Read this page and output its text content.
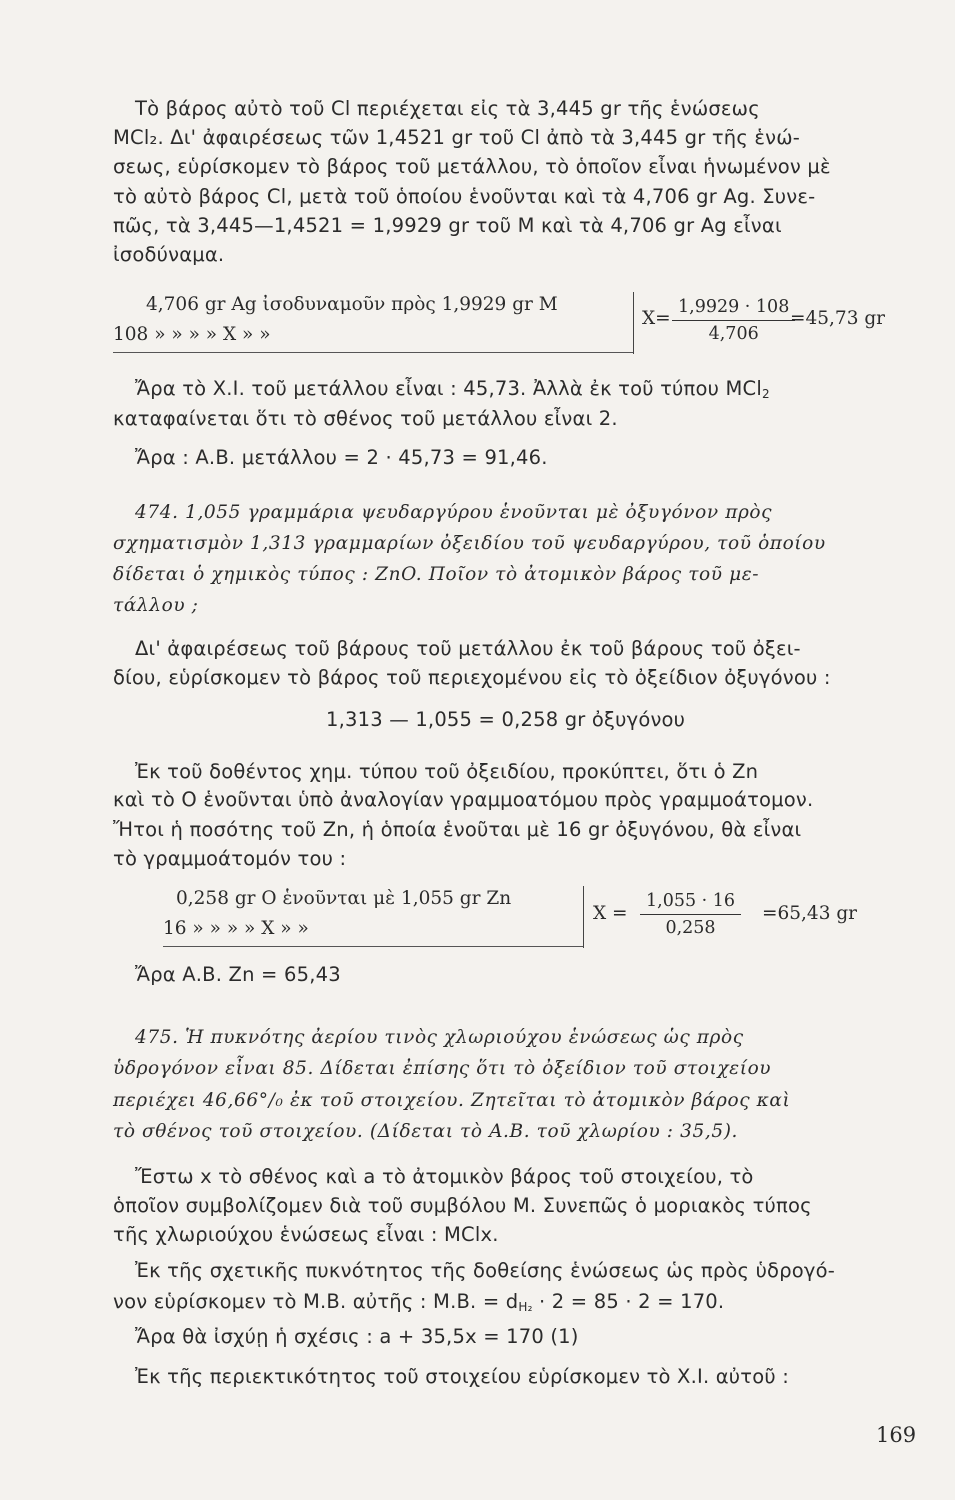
Τὸ βάρος αὐτὸ τοῦ Cl περιέχεται εἰς τὰ 3,445 gr τῆς ἑνώσεως
MCl₂. Δι' ἀφαιρέσεως τῶν 1,4521 gr τοῦ Cl ἀπὸ τὰ 3,445 gr τῆς ἑνώ-
σεως, εὑρίσκομεν τὸ βάρος τοῦ μετάλλου, τὸ ὁποῖον εἶναι ἡνωμένον μὲ
τὸ αὐτὸ βάρος Cl, μετὰ τοῦ ὁποίου ἑνοῦνται καὶ τὰ 4,706 gr Ag. Συνε-
πῶς, τὰ 3,445—1,4521 = 1,9929 gr τοῦ Μ καὶ τὰ 4,706 gr Ag εἶναι
ἰσοδύναμα.
4,706 gr Ag ἰσοδυναμοῦν πρὸς 1,9929 gr M
108 » » » » X » »
$X= \frac{1,9929 \cdot 108}{4,706}$
=45,73 gr
Ἄρα τὸ Χ.Ι. τοῦ μετάλλου εἶναι : 45,73. Ἀλλὰ ἐκ τοῦ τύπου MCl$_2$
καταφαίνεται ὅτι τὸ σθένος τοῦ μετάλλου εἶναι 2.
Ἄρα : Α.Β. μετάλλου = 2 · 45,73 = 91,46.
474. 1,055 γραμμάρια ψευδαργύρου ἑνοῦνται μὲ ὀξυγόνον πρὸς
σχηματισμὸν 1,313 γραμμαρίων ὀξειδίου τοῦ ψευδαργύρου, τοῦ ὁποίου
δίδεται ὁ χημικὸς τύπος : ZnO. Ποῖον τὸ ἀτομικὸν βάρος τοῦ με-
τάλλου ;
Δι' ἀφαιρέσεως τοῦ βάρους τοῦ μετάλλου ἐκ τοῦ βάρους τοῦ ὀξει-
δίου, εὑρίσκομεν τὸ βάρος τοῦ περιεχομένου εἰς τὸ ὀξείδιον ὀξυγόνου :
1,313 — 1,055 = 0,258 gr ὀξυγόνου
Ἐκ τοῦ δοθέντος χημ. τύπου τοῦ ὀξειδίου, προκύπτει, ὅτι ὁ Zn
καὶ τὸ Ο ἑνοῦνται ὑπὸ ἀναλογίαν γραμμοατόμου πρὸς γραμμοάτομον.
Ἤτοι ἡ ποσότης τοῦ Zn, ἡ ὁποία ἑνοῦται μὲ 16 gr ὀξυγόνου, θὰ εἶναι
τὸ γραμμοάτομόν του :
0,258 gr O ἑνοῦνται μὲ 1,055 gr Zn
16 » » » » X » »
$X = \frac{1,055 \cdot 16}{0,258} =65,43$ gr
Ἄρα Α.Β. Zn = 65,43
475. Ἡ πυκνότης ἀερίου τινὸς χλωριούχου ἑνώσεως ὡς πρὸς
ὑδρογόνον εἶναι 85. Δίδεται ἐπίσης ὅτι τὸ ὀξείδιον τοῦ στοιχείου
περιέχει 46,66°/₀ ἐκ τοῦ στοιχείου. Ζητεῖται τὸ ἀτομικὸν βάρος καὶ
τὸ σθένος τοῦ στοιχείου. (Δίδεται τὸ Α.Β. τοῦ χλωρίου : 35,5).
Ἔστω x τὸ σθένος καὶ a τὸ ἀτομικὸν βάρος τοῦ στοιχείου, τὸ
ὁποῖον συμβολίζομεν διὰ τοῦ συμβόλου Μ. Συνεπῶς ὁ μοριακὸς τύπος
τῆς χλωριούχου ἑνώσεως εἶναι : MClx.
Ἐκ τῆς σχετικῆς πυκνότητος τῆς δοθείσης ἑνώσεως ὡς πρὸς ὑδρογό-
νον εὑρίσκομεν τὸ Μ.Β. αὐτῆς : Μ.Β. = dH₂ · 2 = 85 · 2 = 170.
Ἄρα θὰ ἰσχύῃ ἡ σχέσις : a + 35,5x = 170 (1)
Ἐκ τῆς περιεκτικότητος τοῦ στοιχείου εὑρίσκομεν τὸ Χ.Ι. αὐτοῦ :
169
